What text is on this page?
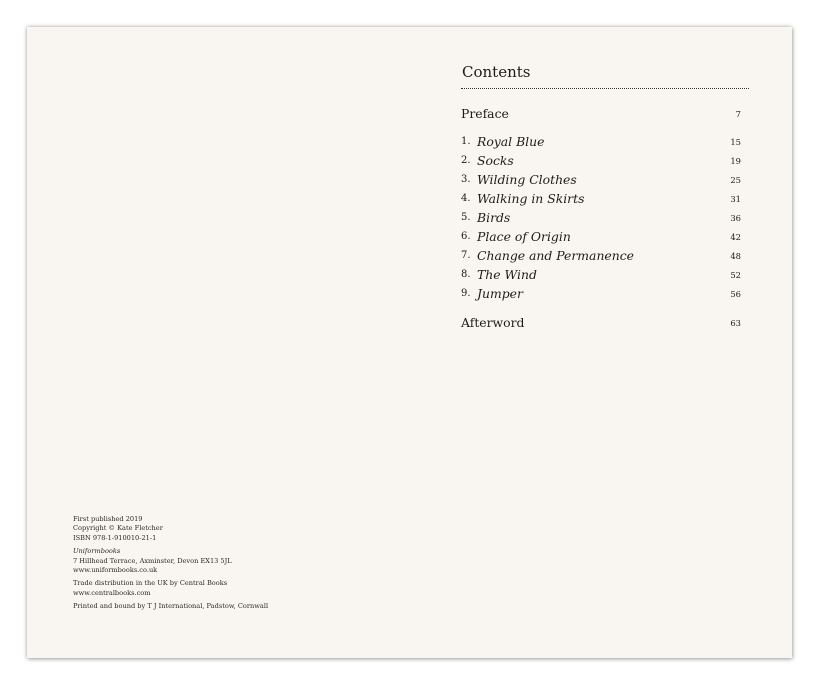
First published 2019
Copyright © Kate Fletcher
ISBN 978-1-910010-21-1
Uniformbooks
7 Hillhead Terrace, Axminster, Devon EX13 5JL
www.uniformbooks.co.uk
Trade distribution in the UK by Central Books
www.centralbooks.com
Printed and bound by T J International, Padstow, Cornwall
Contents
Preface	7
1. Royal Blue	15
2. Socks	19
3. Wilding Clothes	25
4. Walking in Skirts	31
5. Birds	36
6. Place of Origin	42
7. Change and Permanence	48
8. The Wind	52
9. Jumper	56
Afterword	63
